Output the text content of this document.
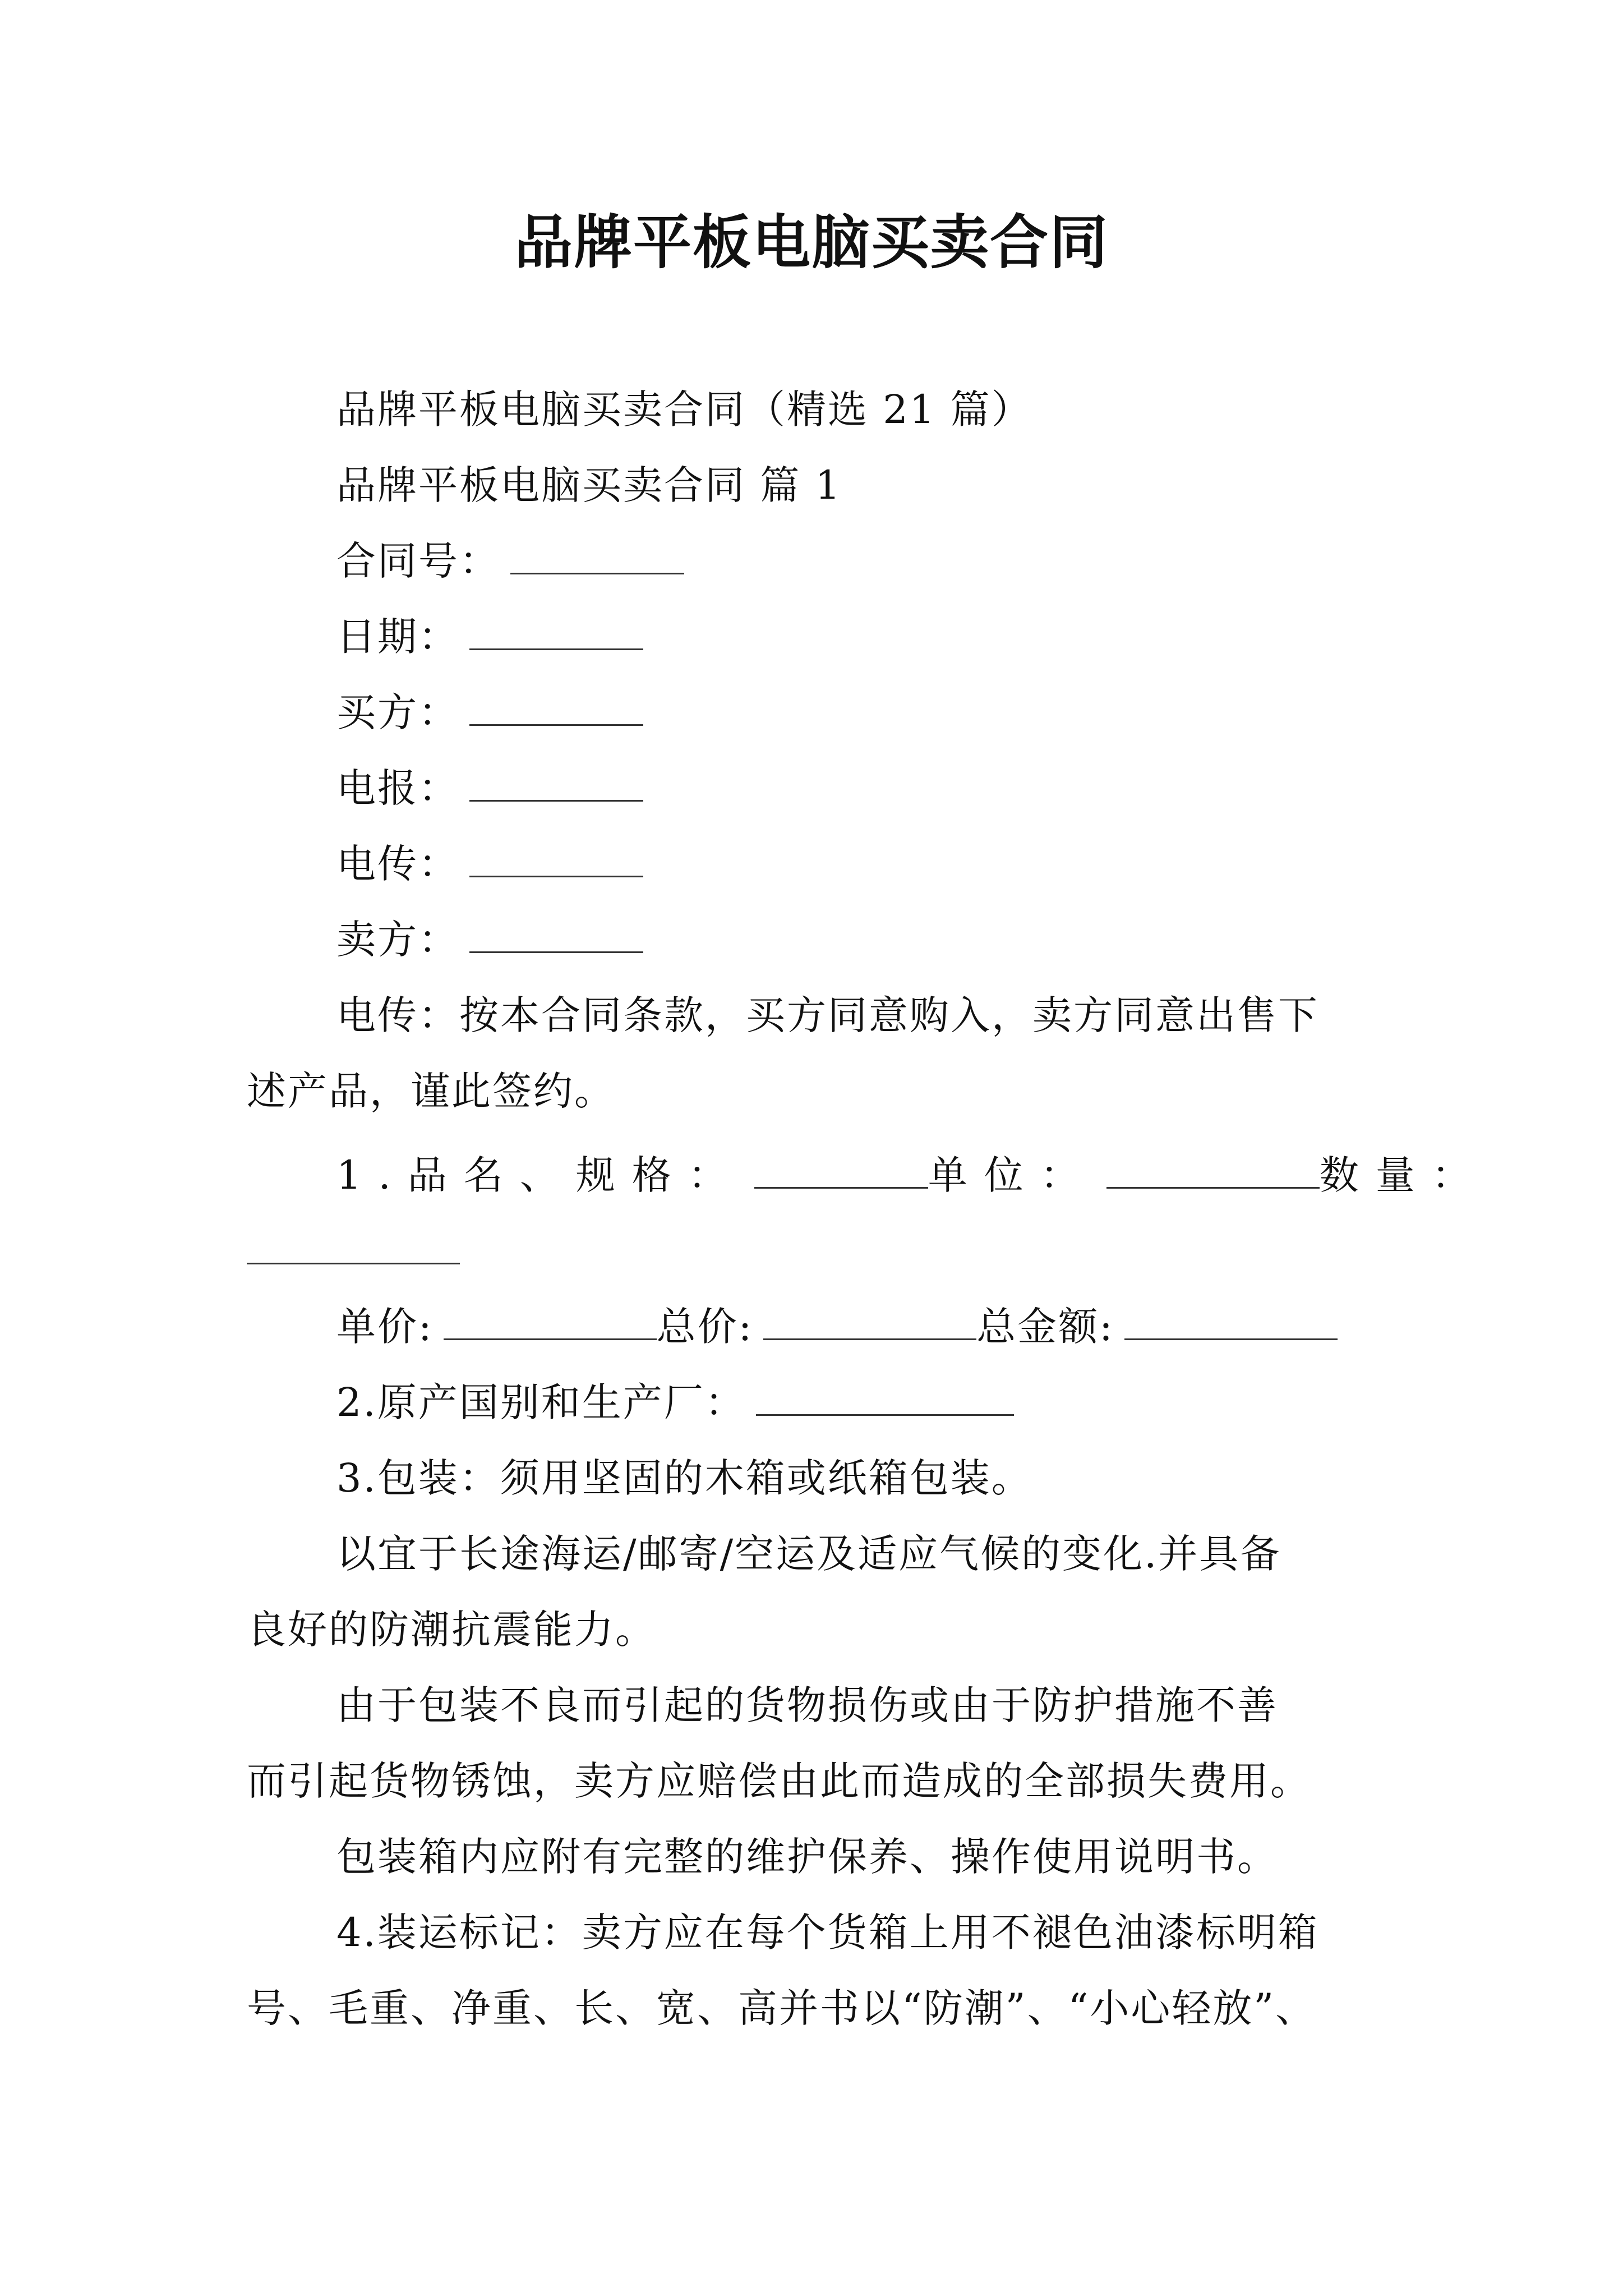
品牌平板电脑买卖合同
品牌平板电脑买卖合同（精选 21 篇）
品牌平板电脑买卖合同 篇 1
合同号：
日期：
买方：
电报：
电传：
卖方：
电传：按本合同条款，买方同意购入，卖方同意出售下
述产品，谨此签约。
1.品名、规格：	单位：	数量：
单价:	总价:	总金额:
2.原产国别和生产厂：
3.包装：须用坚固的木箱或纸箱包装。
以宜于长途海运/邮寄/空运及适应气候的变化.并具备
良好的防潮抗震能力。
由于包装不良而引起的货物损伤或由于防护措施不善
而引起货物锈蚀，卖方应赔偿由此而造成的全部损失费用。
包装箱内应附有完整的维护保养、操作使用说明书。
4.装运标记：卖方应在每个货箱上用不褪色油漆标明箱
号、毛重、净重、长、宽、高并书以“防潮”、“小心轻放”、
